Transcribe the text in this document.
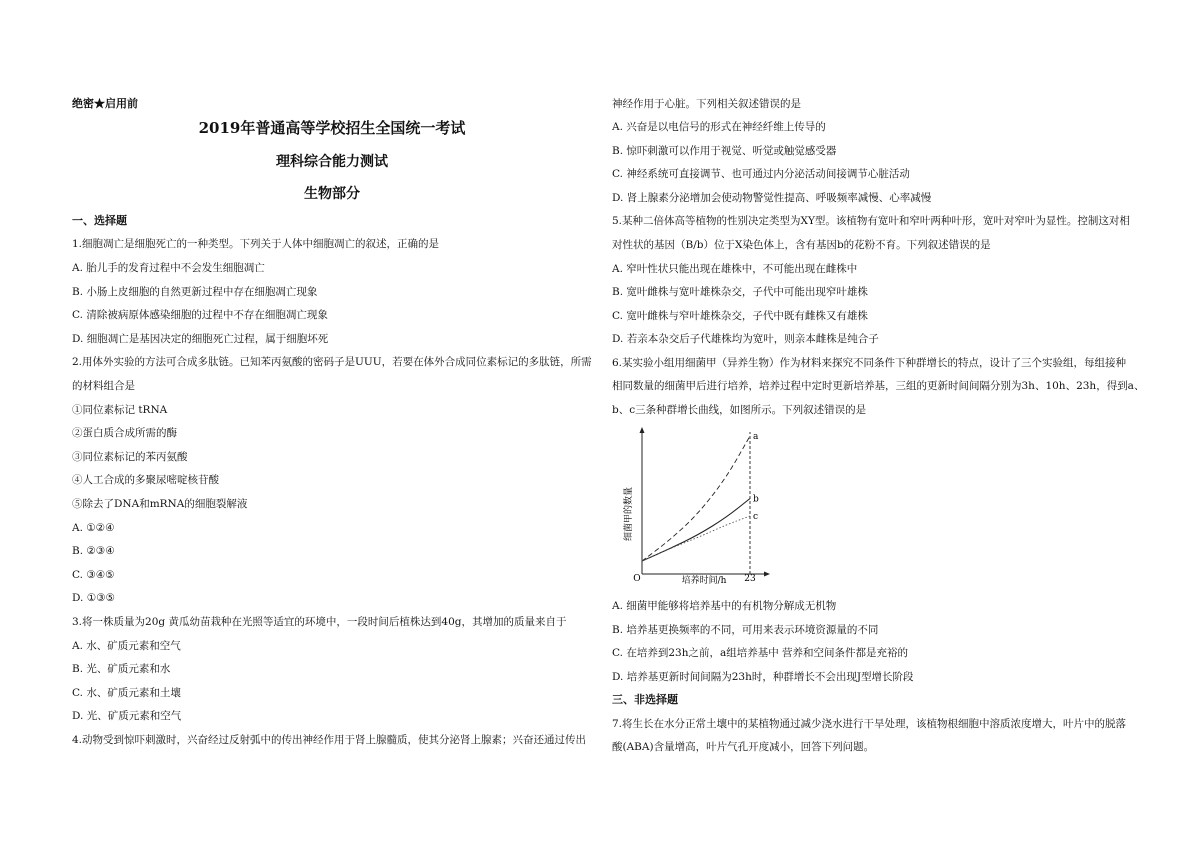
绝密★启用前
2019年普通高等学校招生全国统一考试
理科综合能力测试
生物部分
一、选择题
1.细胞凋亡是细胞死亡的一种类型。下列关于人体中细胞凋亡的叙述，正确的是
A. 胎儿手的发育过程中不会发生细胞凋亡
B. 小肠上皮细胞的自然更新过程中存在细胞凋亡现象
C. 清除被病原体感染细胞的过程中不存在细胞凋亡现象
D. 细胞凋亡是基因决定的细胞死亡过程，属于细胞坏死
2.用体外实验的方法可合成多肽链。已知苯丙氨酸的密码子是UUU，若要在体外合成同位素标记的多肽链，所需
的材料组合是
①同位素标记 tRNA
②蛋白质合成所需的酶
③同位素标记的苯丙氨酸
④人工合成的多聚尿嘧啶核苷酸
⑤除去了DNA和mRNA的细胞裂解液
A. ①②④
B. ②③④
C. ③④⑤
D. ①③⑤
3.将一株质量为20g 黄瓜幼苗栽种在光照等适宜的环境中，一段时间后植株达到40g，其增加的质量来自于
A. 水、矿质元素和空气
B. 光、矿质元素和水
C. 水、矿质元素和土壤
D. 光、矿质元素和空气
4.动物受到惊吓刺激时，兴奋经过反射弧中的传出神经作用于肾上腺髓质，使其分泌肾上腺素；兴奋还通过传出
神经作用于心脏。下列相关叙述错误的是
A. 兴奋是以电信号的形式在神经纤维上传导的
B. 惊吓刺激可以作用于视觉、听觉或触觉感受器
C. 神经系统可直接调节、也可通过内分泌活动间接调节心脏活动
D. 肾上腺素分泌增加会使动物警觉性提高、呼吸频率减慢、心率减慢
5.某种二倍体高等植物的性别决定类型为XY型。该植物有宽叶和窄叶两种叶形，宽叶对窄叶为显性。控制这对相
对性状的基因（B/b）位于X染色体上，含有基因b的花粉不育。下列叙述错误的是
A. 窄叶性状只能出现在雄株中，不可能出现在雌株中
B. 宽叶雌株与宽叶雄株杂交，子代中可能出现窄叶雄株
C. 宽叶雌株与窄叶雄株杂交，子代中既有雌株又有雄株
D. 若亲本杂交后子代雄株均为宽叶，则亲本雌株是纯合子
6.某实验小组用细菌甲（异养生物）作为材料来探究不同条件下种群增长的特点，设计了三个实验组，每组接种
相同数量的细菌甲后进行培养，培养过程中定时更新培养基，三组的更新时间间隔分别为3h、10h、23h，得到a、
b、c三条种群增长曲线，如图所示。下列叙述错误的是
A. 细菌甲能够将培养基中的有机物分解成无机物
B. 培养基更换频率的不同，可用来表示环境资源量的不同
C. 在培养到23h之前，a组培养基中 营养和空间条件都是充裕的
D. 培养基更新时间间隔为23h时，种群增长不会出现J型增长阶段
三、非选择题
7.将生长在水分正常土壤中的某植物通过减少浇水进行干旱处理，该植物根细胞中溶质浓度增大，叶片中的脱落
酸(ABA)含量增高，叶片气孔开度减小，回答下列问题。
a
b
c
细菌甲的数量
培养时间/h
O	23
